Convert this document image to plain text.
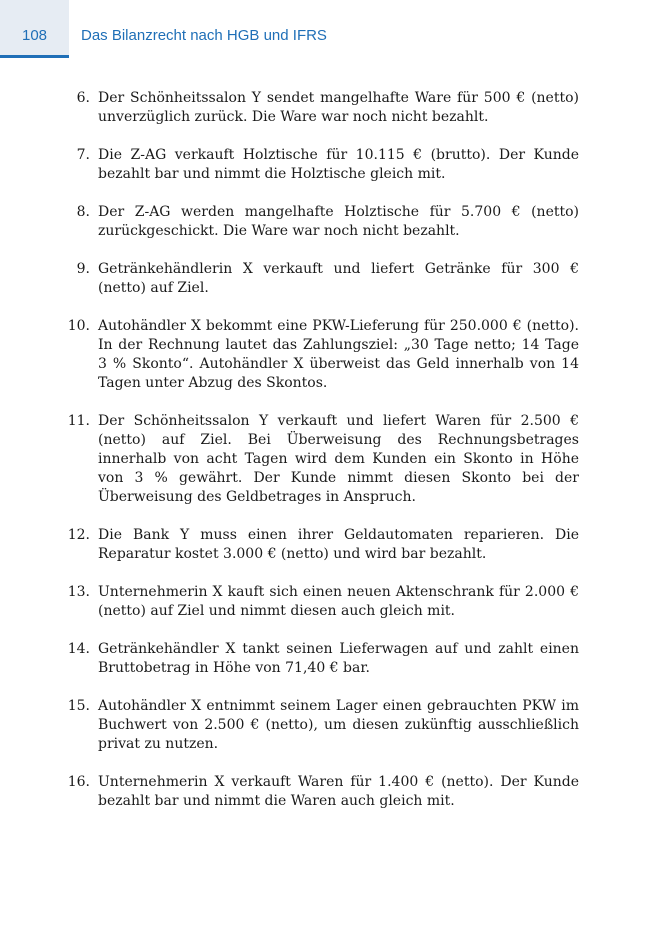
108	Das Bilanzrecht nach HGB und IFRS
6. Der Schönheitssalon Y sendet mangelhafte Ware für 500 € (netto) unverzüglich zurück. Die Ware war noch nicht bezahlt.
7. Die Z-AG verkauft Holztische für 10.115 € (brutto). Der Kunde bezahlt bar und nimmt die Holztische gleich mit.
8. Der Z-AG werden mangelhafte Holztische für 5.700 € (netto) zurückgeschickt. Die Ware war noch nicht bezahlt.
9. Getränkehändlerin X verkauft und liefert Getränke für 300 € (netto) auf Ziel.
10. Autohändler X bekommt eine PKW-Lieferung für 250.000 € (netto). In der Rechnung lautet das Zahlungsziel: „30 Tage netto; 14 Tage 3 % Skonto“. Autohändler X überweist das Geld innerhalb von 14 Tagen unter Abzug des Skontos.
11. Der Schönheitssalon Y verkauft und liefert Waren für 2.500 € (netto) auf Ziel. Bei Überweisung des Rechnungsbetrages innerhalb von acht Tagen wird dem Kunden ein Skonto in Höhe von 3 % gewährt. Der Kunde nimmt diesen Skonto bei der Überweisung des Geldbetrages in Anspruch.
12. Die Bank Y muss einen ihrer Geldautomaten reparieren. Die Reparatur kostet 3.000 € (netto) und wird bar bezahlt.
13. Unternehmerin X kauft sich einen neuen Aktenschrank für 2.000 € (netto) auf Ziel und nimmt diesen auch gleich mit.
14. Getränkehändler X tankt seinen Lieferwagen auf und zahlt einen Bruttobetrag in Höhe von 71,40 € bar.
15. Autohändler X entnimmt seinem Lager einen gebrauchten PKW im Buchwert von 2.500 € (netto), um diesen zukünftig ausschließlich privat zu nutzen.
16. Unternehmerin X verkauft Waren für 1.400 € (netto). Der Kunde bezahlt bar und nimmt die Waren auch gleich mit.
